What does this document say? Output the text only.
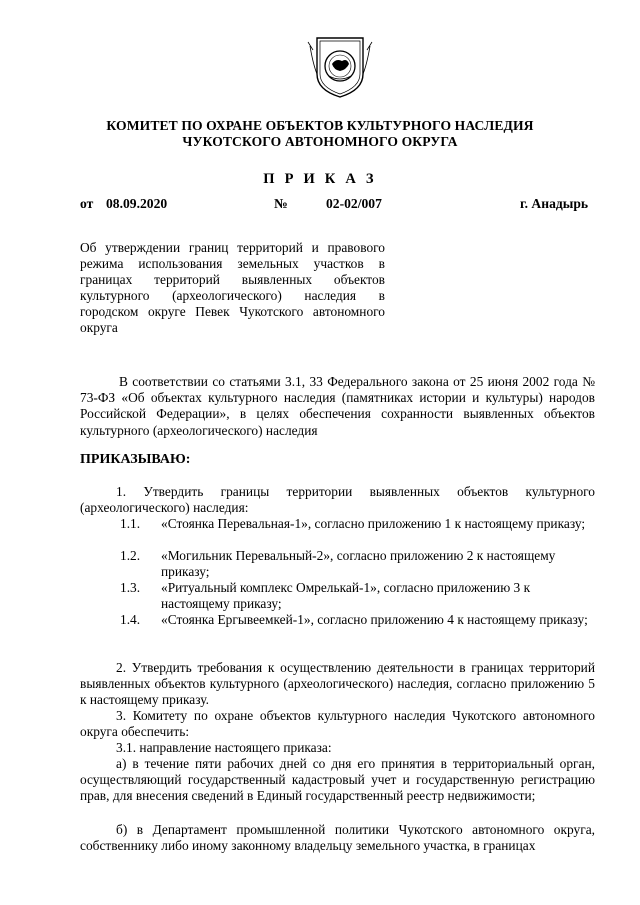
КОМИТЕТ ПО ОХРАНЕ ОБЪЕКТОВ КУЛЬТУРНОГО НАСЛЕДИЯ
ЧУКОТСКОГО АВТОНОМНОГО ОКРУГА
П Р И К А З
от 08.09.2020	№	02-02/007	г. Анадырь
Об утверждении границ территорий и правового режима использования земельных участков в границах территорий выявленных объектов культурного (археологического) наследия в городском округе Певек Чукотского автономного округа
В соответствии со статьями 3.1, 33 Федерального закона от 25 июня 2002 года № 73-ФЗ «Об объектах культурного наследия (памятниках истории и культуры) народов Российской Федерации», в целях обеспечения сохранности выявленных объектов культурного (археологического) наследия
ПРИКАЗЫВАЮ:
1. Утвердить границы территории выявленных объектов культурного (археологического) наследия:
1.1. «Стоянка Перевальная-1», согласно приложению 1 к настоящему приказу;
1.2. «Могильник Перевальный-2», согласно приложению 2 к настоящему приказу;
1.3. «Ритуальный комплекс Омрелькай-1», согласно приложению 3 к настоящему приказу;
1.4. «Стоянка Ергывеемкей-1», согласно приложению 4 к настоящему приказу;
2. Утвердить требования к осуществлению деятельности в границах территорий выявленных объектов культурного (археологического) наследия, согласно приложению 5 к настоящему приказу.
3. Комитету по охране объектов культурного наследия Чукотского автономного округа обеспечить:
3.1. направление настоящего приказа:
а) в течение пяти рабочих дней со дня его принятия в территориальный орган, осуществляющий государственный кадастровый учет и государственную регистрацию прав, для внесения сведений в Единый государственный реестр недвижимости;
б) в Департамент промышленной политики Чукотского автономного округа, собственнику либо иному законному владельцу земельного участка, в границах
